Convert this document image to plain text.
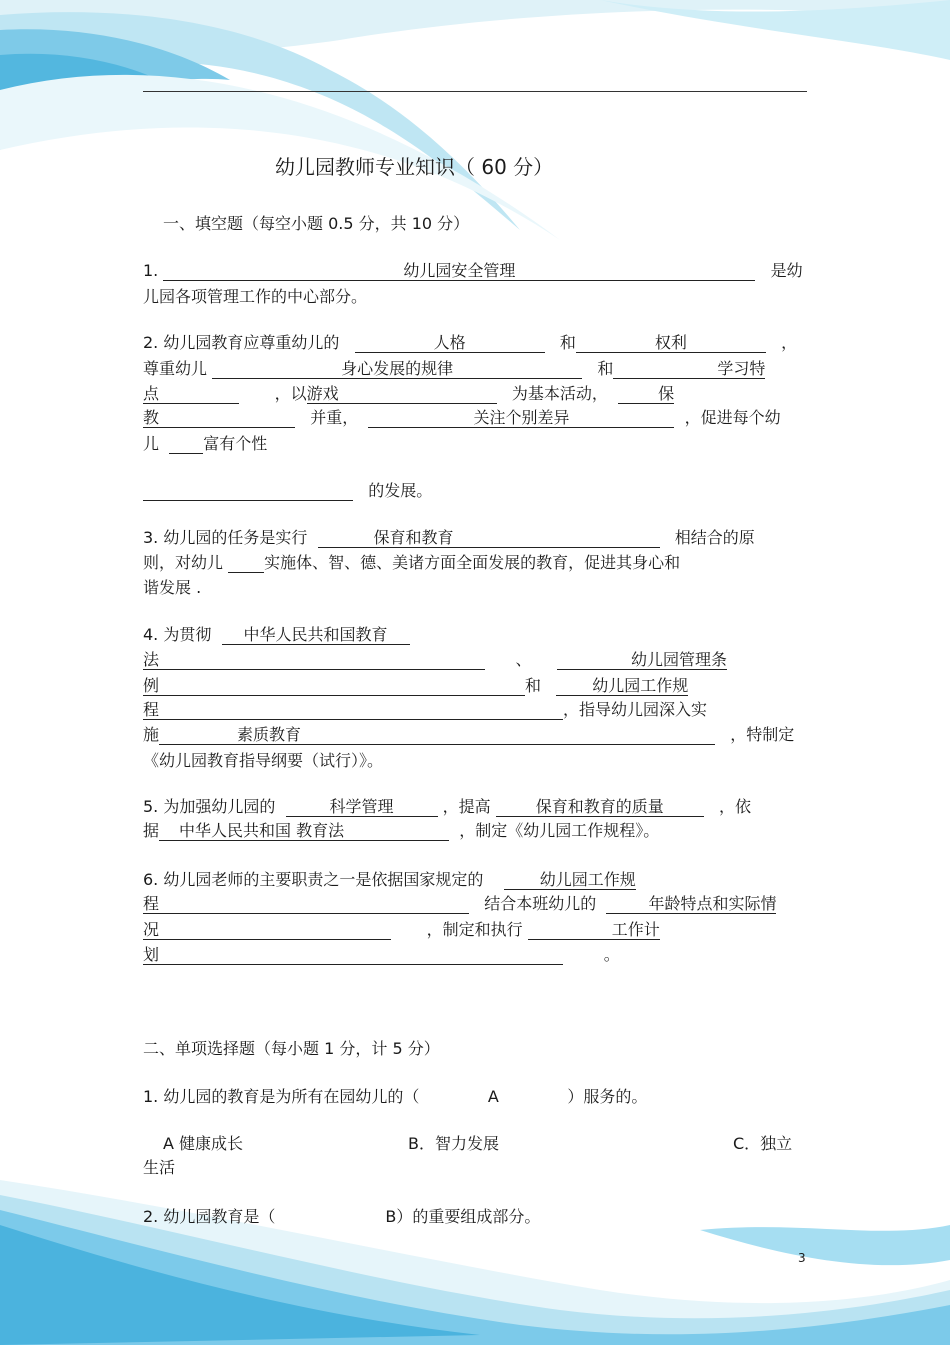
幼儿园教师专业知识（ 60 分）
一、填空题（每空小题 0.5 分，共 10 分）
1.	幼儿园安全管理	是幼
儿园各项管理工作的中心部分。
2. 幼儿园教育应尊重幼儿的	人格	和	权利	，
尊重幼儿	身心发展的规律	和	学习特
点	，以游戏	为基本活动，	保
教	并重，	关注个别差异	，促进每个幼
儿	富有个性
的发展。
3. 幼儿园的任务是实行	保育和教育	相结合的原
则，对幼儿	实施体、智、德、美诸方面全面发展的教育，促进其身心和
谐发展 .
4. 为贯彻 中华人民共和国教育
法	、	幼儿园管理条
例	和	幼儿园工作规
程	，指导幼儿园深入实
施	素质教育	，特制定
《幼儿园教育指导纲要（试行）》。
5. 为加强幼儿园的	科学管理	，提高	保育和教育的质量	，依
据 中华人民共和国 教育法	，制定《幼儿园工作规程》。
6. 幼儿园老师的主要职责之一是依据国家规定的	幼儿园工作规
程	结合本班幼儿的	年龄特点和实际情
况	，制定和执行	工作计
划	。
二、单项选择题（每小题 1 分，计 5 分）
1. 幼儿园的教育是为所有在园幼儿的（	A	）服务的。
A 健康成长	B．智力发展	C．独立
生活
2. 幼儿园教育是（	B）的重要组成部分。
3
